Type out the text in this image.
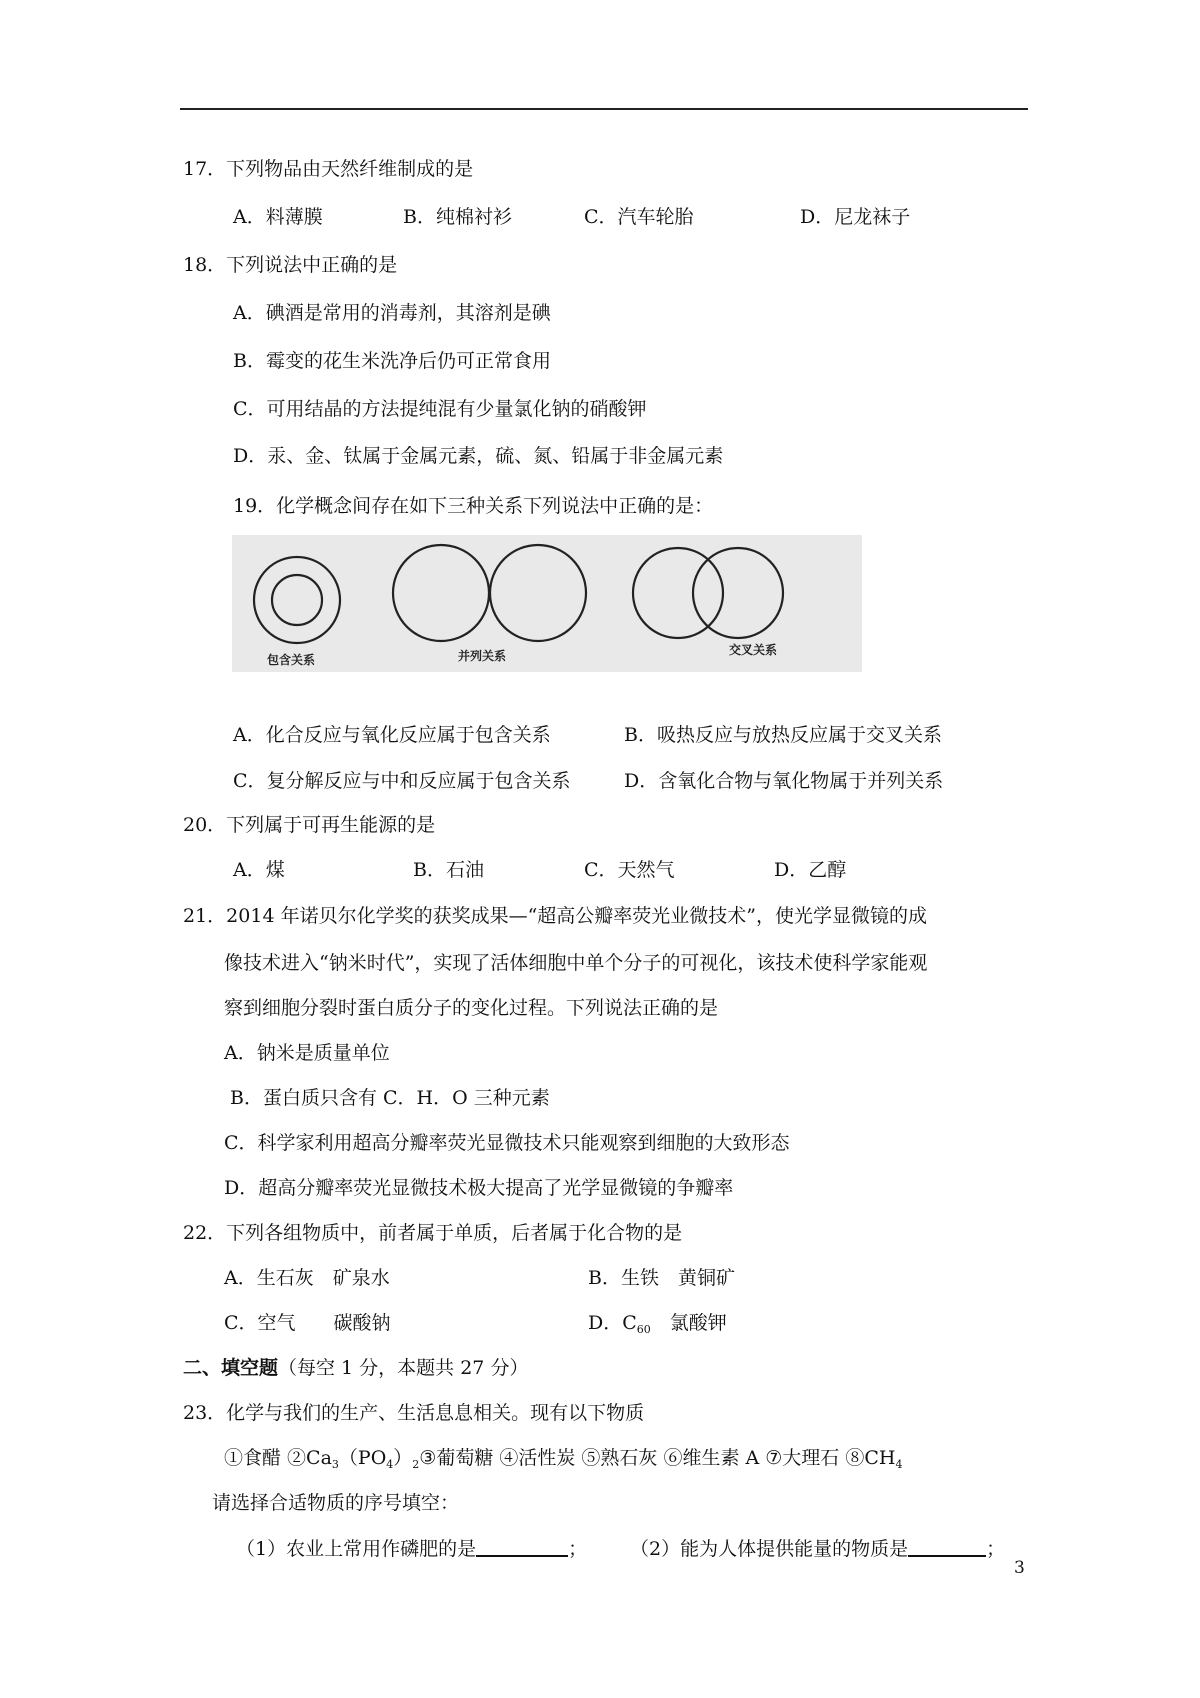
17．下列物品由天然纤维制成的是
A．料薄膜	B．纯棉衬衫	C．汽车轮胎	D．尼龙袜子
18．下列说法中正确的是
A．碘酒是常用的消毒剂，其溶剂是碘
B．霉变的花生米洗净后仍可正常食用
C．可用结晶的方法提纯混有少量氯化钠的硝酸钾
D．汞、金、钛属于金属元素，硫、氮、铅属于非金属元素
19．化学概念间存在如下三种关系下列说法中正确的是：
包含关系	并列关系	交叉关系
A．化合反应与氧化反应属于包含关系	B．吸热反应与放热反应属于交叉关系
C．复分解反应与中和反应属于包含关系	D．含氧化合物与氧化物属于并列关系
20．下列属于可再生能源的是
A．煤	B．石油	C．天然气	D．乙醇
21．2014 年诺贝尔化学奖的获奖成果—“超高公瓣率荧光业微技术”，使光学显微镜的成
像技术进入“钠米时代”，实现了活体细胞中单个分子的可视化，该技术使科学家能观
察到细胞分裂时蛋白质分子的变化过程。下列说法正确的是
A．钠米是质量单位
B．蛋白质只含有 C．H．O 三种元素
C．科学家利用超高分瓣率荧光显微技术只能观察到细胞的大致形态
D．超高分瓣率荧光显微技术极大提高了光学显微镜的争瓣率
22．下列各组物质中，前者属于单质，后者属于化合物的是
A．生石灰　矿泉水	B．生铁　黄铜矿
C．空气　　碳酸钠	D．$C_{60}$　氯酸钾
二、填空题（每空 1 分，本题共 27 分）
23．化学与我们的生产、生活息息相关。现有以下物质
①食醋 $②Ca_3(PO_4)_2③$葡萄糖 ④活性炭 ⑤熟石灰 ⑥维生素 A ⑦大理石 $⑧CH_4$
请选择合适物质的序号填空：
（1）农业上常用作磷肥的是	； （2）能为人体提供能量的物质是	；
3
